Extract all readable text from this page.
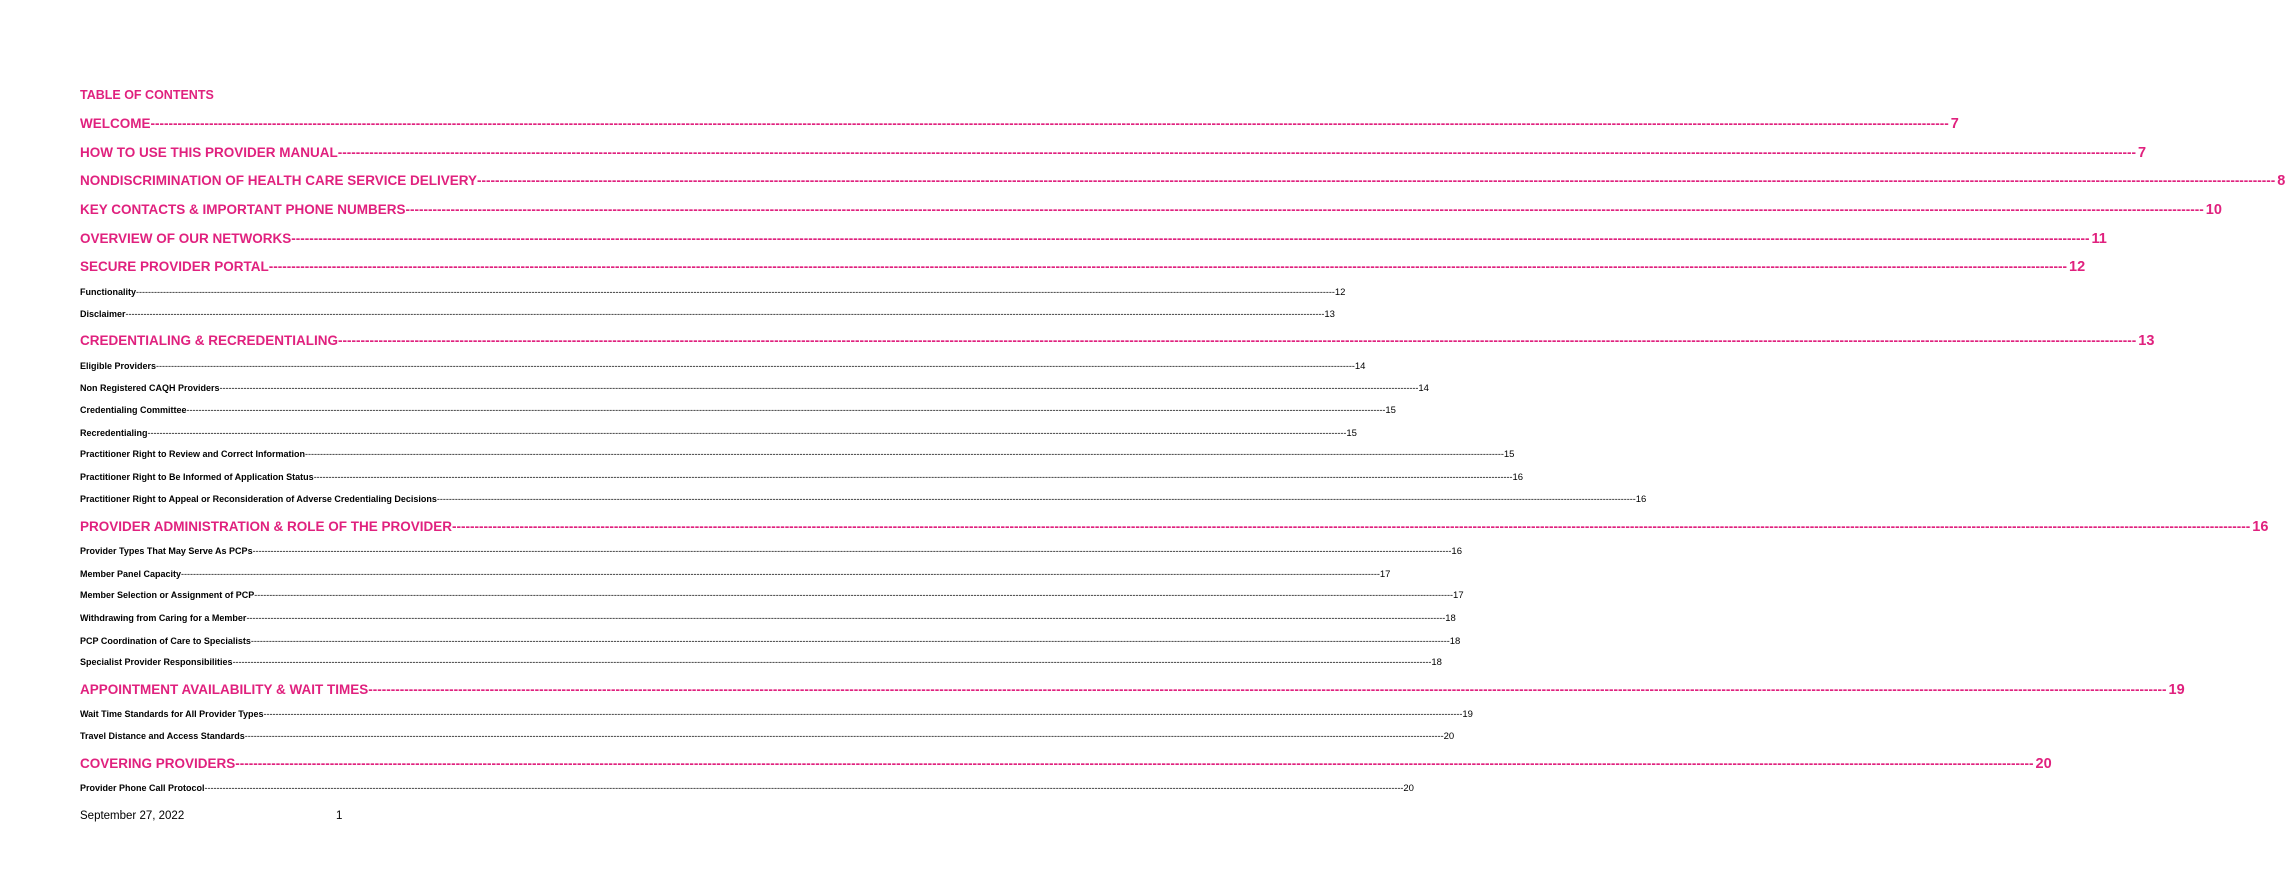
TABLE OF CONTENTS
WELCOME ---------------------------------------------------------------------------------------------------------------------------------------------------------------------------------------------------------------------------------------------------------------------------------------------------------------------------------------------------------------------------------------------------------------- 7
HOW TO USE THIS PROVIDER MANUAL ---------------------------------------------------------------------------------------------------------------------------------------------------------------------------------------------------------------------------------------------------------------------------------------------------------------------------------------------------------------------------------------------------------------- 7
NONDISCRIMINATION OF HEALTH CARE SERVICE DELIVERY ---------------------------------------------------------------------------------------------------------------------------------------------------------------------------------------------------------------------------------------------------------------------------------------------------------------------------------------------------------------------------------------------------------------- 8
KEY CONTACTS & IMPORTANT PHONE NUMBERS ---------------------------------------------------------------------------------------------------------------------------------------------------------------------------------------------------------------------------------------------------------------------------------------------------------------------------------------------------------------------------------------------------------------- 10
OVERVIEW OF OUR NETWORKS ---------------------------------------------------------------------------------------------------------------------------------------------------------------------------------------------------------------------------------------------------------------------------------------------------------------------------------------------------------------------------------------------------------------- 11
SECURE PROVIDER PORTAL ---------------------------------------------------------------------------------------------------------------------------------------------------------------------------------------------------------------------------------------------------------------------------------------------------------------------------------------------------------------------------------------------------------------- 12
Functionality ---------------------------------------------------------------------------------------------------------------------------------------------------------------------------------------------------------------------------------------------------------------------------------------------------------------------------------------------------------------------------------------------------------------- 12
Disclaimer ---------------------------------------------------------------------------------------------------------------------------------------------------------------------------------------------------------------------------------------------------------------------------------------------------------------------------------------------------------------------------------------------------------------- 13
CREDENTIALING & RECREDENTIALING ---------------------------------------------------------------------------------------------------------------------------------------------------------------------------------------------------------------------------------------------------------------------------------------------------------------------------------------------------------------------------------------------------------------- 13
Eligible Providers ---------------------------------------------------------------------------------------------------------------------------------------------------------------------------------------------------------------------------------------------------------------------------------------------------------------------------------------------------------------------------------------------------------------- 14
Non Registered CAQH Providers ---------------------------------------------------------------------------------------------------------------------------------------------------------------------------------------------------------------------------------------------------------------------------------------------------------------------------------------------------------------------------------------------------------------- 14
Credentialing Committee ---------------------------------------------------------------------------------------------------------------------------------------------------------------------------------------------------------------------------------------------------------------------------------------------------------------------------------------------------------------------------------------------------------------- 15
Recredentialing ---------------------------------------------------------------------------------------------------------------------------------------------------------------------------------------------------------------------------------------------------------------------------------------------------------------------------------------------------------------------------------------------------------------- 15
Practitioner Right to Review and Correct Information ---------------------------------------------------------------------------------------------------------------------------------------------------------------------------------------------------------------------------------------------------------------------------------------------------------------------------------------------------------------------------------------------------------------- 15
Practitioner Right to Be Informed of Application Status ---------------------------------------------------------------------------------------------------------------------------------------------------------------------------------------------------------------------------------------------------------------------------------------------------------------------------------------------------------------------------------------------------------------- 16
Practitioner Right to Appeal or Reconsideration of Adverse Credentialing Decisions ---------------------------------------------------------------------------------------------------------------------------------------------------------------------------------------------------------------------------------------------------------------------------------------------------------------------------------------------------------------------------------------------------------------- 16
PROVIDER ADMINISTRATION & ROLE OF THE PROVIDER ---------------------------------------------------------------------------------------------------------------------------------------------------------------------------------------------------------------------------------------------------------------------------------------------------------------------------------------------------------------------------------------------------------------- 16
Provider Types That May Serve As PCPs ---------------------------------------------------------------------------------------------------------------------------------------------------------------------------------------------------------------------------------------------------------------------------------------------------------------------------------------------------------------------------------------------------------------- 16
Member Panel Capacity ---------------------------------------------------------------------------------------------------------------------------------------------------------------------------------------------------------------------------------------------------------------------------------------------------------------------------------------------------------------------------------------------------------------- 17
Member Selection or Assignment of PCP ---------------------------------------------------------------------------------------------------------------------------------------------------------------------------------------------------------------------------------------------------------------------------------------------------------------------------------------------------------------------------------------------------------------- 17
Withdrawing from Caring for a Member ---------------------------------------------------------------------------------------------------------------------------------------------------------------------------------------------------------------------------------------------------------------------------------------------------------------------------------------------------------------------------------------------------------------- 18
PCP Coordination of Care to Specialists ---------------------------------------------------------------------------------------------------------------------------------------------------------------------------------------------------------------------------------------------------------------------------------------------------------------------------------------------------------------------------------------------------------------- 18
Specialist Provider Responsibilities ---------------------------------------------------------------------------------------------------------------------------------------------------------------------------------------------------------------------------------------------------------------------------------------------------------------------------------------------------------------------------------------------------------------- 18
APPOINTMENT AVAILABILITY & WAIT TIMES ---------------------------------------------------------------------------------------------------------------------------------------------------------------------------------------------------------------------------------------------------------------------------------------------------------------------------------------------------------------------------------------------------------------- 19
Wait Time Standards for All Provider Types ---------------------------------------------------------------------------------------------------------------------------------------------------------------------------------------------------------------------------------------------------------------------------------------------------------------------------------------------------------------------------------------------------------------- 19
Travel Distance and Access Standards ---------------------------------------------------------------------------------------------------------------------------------------------------------------------------------------------------------------------------------------------------------------------------------------------------------------------------------------------------------------------------------------------------------------- 20
COVERING PROVIDERS ---------------------------------------------------------------------------------------------------------------------------------------------------------------------------------------------------------------------------------------------------------------------------------------------------------------------------------------------------------------------------------------------------------------- 20
Provider Phone Call Protocol ---------------------------------------------------------------------------------------------------------------------------------------------------------------------------------------------------------------------------------------------------------------------------------------------------------------------------------------------------------------------------------------------------------------- 20
September 27, 2022	1
